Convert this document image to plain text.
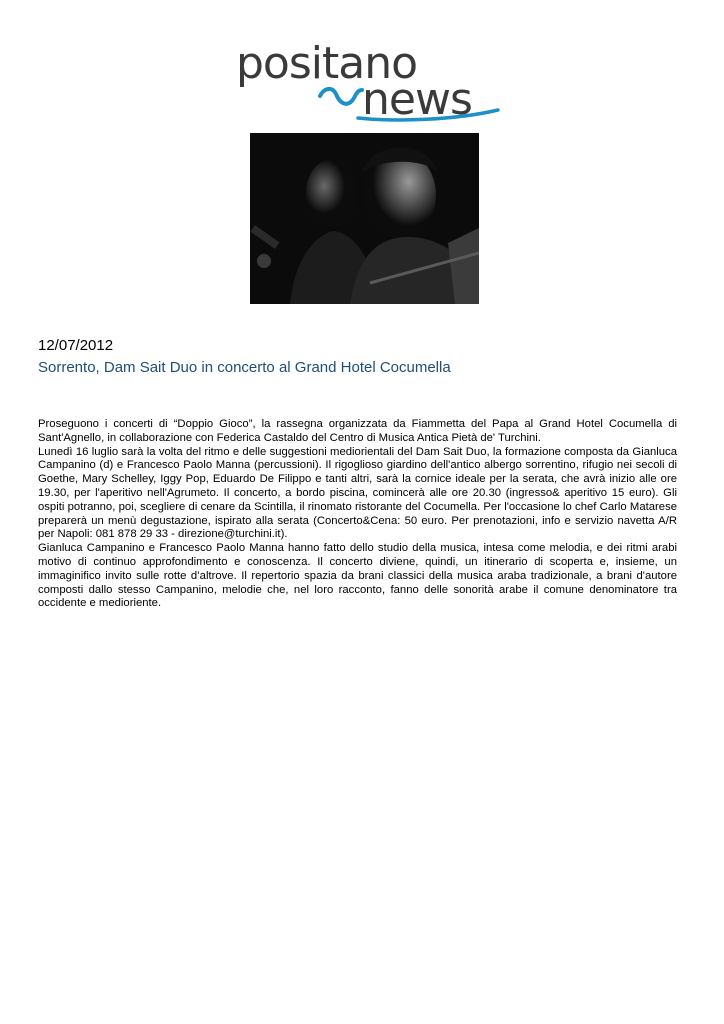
positano
news
12/07/2012
Sorrento, Dam Sait Duo in concerto al Grand Hotel Cocumella

Proseguono i concerti di “Doppio Gioco”, la rassegna organizzata da Fiammetta del Papa al Grand Hotel Cocumella di Sant'Agnello, in collaborazione con Federica Castaldo del Centro di Musica Antica Pietà de' Turchini.

Lunedì 16 luglio sarà la volta del ritmo e delle suggestioni mediorientali del Dam Sait Duo, la formazione composta da Gianluca Campanino (d) e Francesco Paolo Manna (percussioni). Il rigoglioso giardino dell'antico albergo sorrentino, rifugio nei secoli di Goethe, Mary Schelley, Iggy Pop, Eduardo De Filippo e tanti altri, sarà la cornice ideale per la serata, che avrà inizio alle ore 19.30, per l'aperitivo nell'Agrumeto. Il concerto, a bordo piscina, comincerà alle ore 20.30 (ingresso& aperitivo 15 euro). Gli ospiti potranno, poi, scegliere di cenare da Scintilla, il rinomato ristorante del Cocumella. Per l'occasione lo chef Carlo Matarese preparerà un menù degustazione, ispirato alla serata (Concerto&Cena: 50 euro. Per prenotazioni, info e servizio navetta A/R per Napoli: 081 878 29 33 - direzione@turchini.it).

Gianluca Campanino e Francesco Paolo Manna hanno fatto dello studio della musica, intesa come melodia, e dei ritmi arabi motivo di continuo approfondimento e conoscenza. Il concerto diviene, quindi, un itinerario di scoperta e, insieme, un immaginifico invito sulle rotte d’altrove. Il repertorio spazia da brani classici della musica araba tradizionale, a brani d'autore composti dallo stesso Campanino, melodie che, nel loro racconto, fanno delle sonorità arabe il comune denominatore tra occidente e medioriente.
